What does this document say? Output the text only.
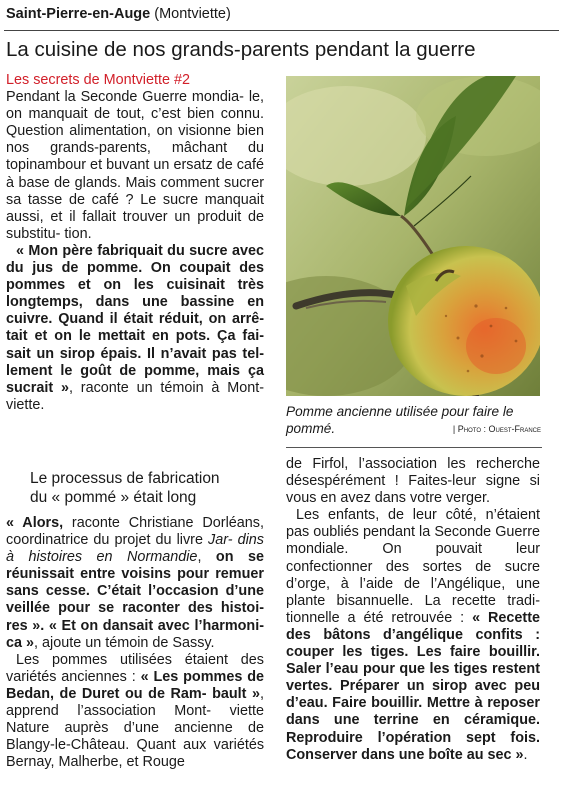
Saint-Pierre-en-Auge (Montviette)
La cuisine de nos grands-parents pendant la guerre

Les secrets de Montviette #2

Pendant la Seconde Guerre mondia- le, on manquait de tout, c’est bien connu. Question alimentation, on visionne bien nos grands-parents, mâchant du topinambour et buvant un ersatz de café à base de glands. Mais comment sucrer sa tasse de café ? Le sucre manquait aussi, et il fallait trouver un produit de substitu- tion.

« Mon père fabriquait du sucre avec du jus de pomme. On coupait des pommes et on les cuisinait très longtemps, dans une bassine en cuivre. Quand il était réduit, on arrê- tait et on le mettait en pots. Ça fai- sait un sirop épais. Il n’avait pas tel- lement le goût de pomme, mais ça sucrait », raconte un témoin à Mont- viette.

Le processus de fabrication
du « pommé » était long

« Alors, raconte Christiane Dorléans, coordinatrice du projet du livre Jar- dins à histoires en Normandie, on se réunissait entre voisins pour remuer sans cesse. C’était l’occasion d’une veillée pour se raconter des histoi- res ». « Et on dansait avec l’harmoni- ca », ajoute un témoin de Sassy.

Les pommes utilisées étaient des variétés anciennes : « Les pommes de Bedan, de Duret ou de Ram- bault », apprend l’association Mont- viette Nature auprès d’une ancienne de Blangy-le-Château. Quant aux variétés Bernay, Malherbe, et Rouge

Pomme ancienne utilisée pour faire le
pommé.	| Photo : Ouest-France

de Firfol, l’association les recherche désespérément ! Faites-leur signe si vous en avez dans votre verger.

Les enfants, de leur côté, n’étaient pas oubliés pendant la Seconde Guerre mondiale. On pouvait leur confectionner des sortes de sucre d’orge, à l’aide de l’Angélique, une plante bisannuelle. La recette tradi- tionnelle a été retrouvée : « Recette des bâtons d’angélique confits : couper les tiges. Les faire bouillir. Saler l’eau pour que les tiges restent vertes. Préparer un sirop avec peu d’eau. Faire bouillir. Mettre à reposer dans une terrine en céramique. Reproduire l’opération sept fois. Conserver dans une boîte au sec ».
